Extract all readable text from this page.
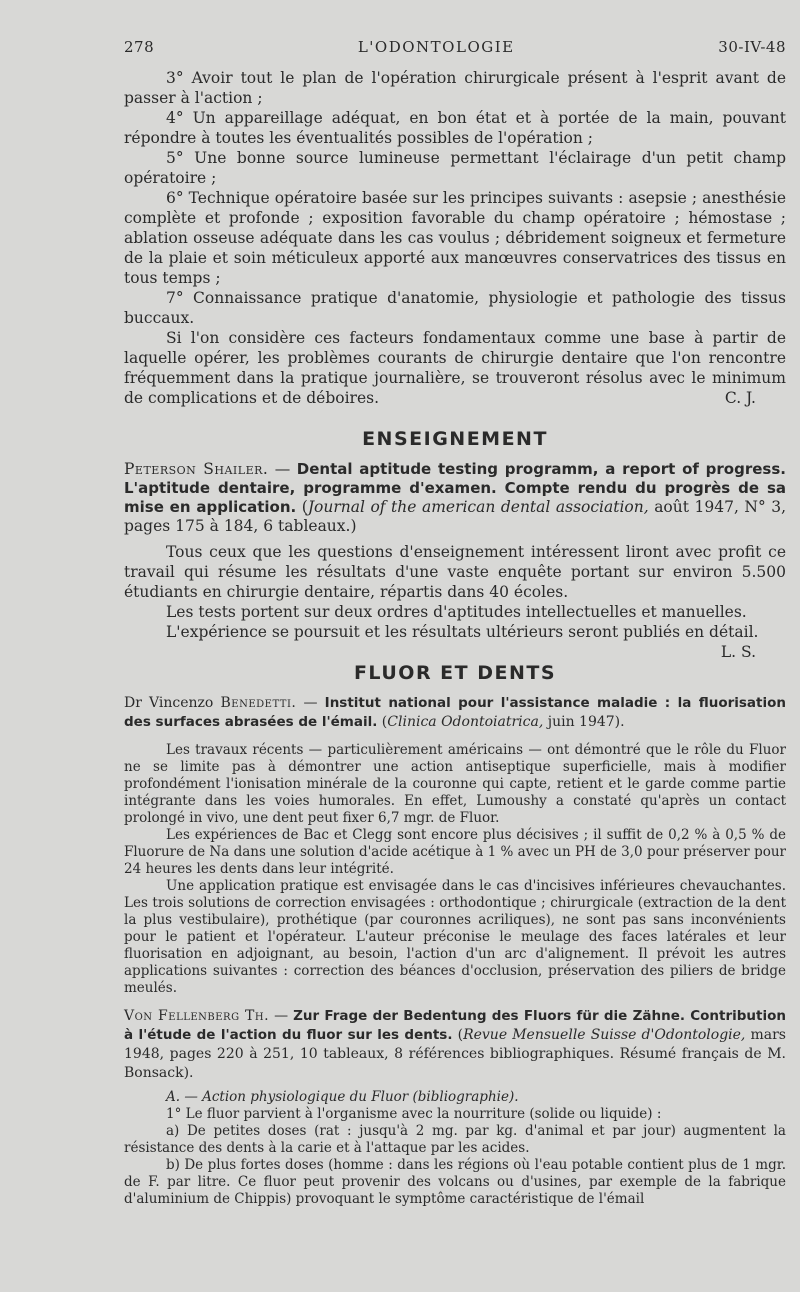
278	L'ODONTOLOGIE	30-IV-48

3° Avoir tout le plan de l'opération chirurgicale présent à l'esprit avant de passer à l'action ;

4° Un appareillage adéquat, en bon état et à portée de la main, pouvant répondre à toutes les éventualités possibles de l'opération ;

5° Une bonne source lumineuse permettant l'éclairage d'un petit champ opératoire ;

6° Technique opératoire basée sur les principes suivants : asepsie ; anesthésie complète et profonde ; exposition favorable du champ opératoire ; hémostase ; ablation osseuse adéquate dans les cas voulus ; débridement soigneux et fermeture de la plaie et soin méticuleux apporté aux manœuvres conservatrices des tissus en tous temps ;

7° Connaissance pratique d'anatomie, physiologie et pathologie des tissus buccaux.

Si l'on considère ces facteurs fondamentaux comme une base à partir de laquelle opérer, les problèmes courants de chirurgie dentaire que l'on rencontre fréquemment dans la pratique journalière, se trouveront résolus avec le minimum de complications et de déboires.	C. J.

ENSEIGNEMENT

Peterson Shailer. — Dental aptitude testing programm, a report of progress. L'aptitude dentaire, programme d'examen. Compte rendu du progrès de sa mise en application. (Journal of the american dental association, août 1947, N° 3, pages 175 à 184, 6 tableaux.)

Tous ceux que les questions d'enseignement intéressent liront avec profit ce travail qui résume les résultats d'une vaste enquête portant sur environ 5.500 étudiants en chirurgie dentaire, répartis dans 40 écoles.

Les tests portent sur deux ordres d'aptitudes intellectuelles et manuelles.

L'expérience se poursuit et les résultats ultérieurs seront publiés en détail.
L. S.

FLUOR ET DENTS

Dr Vincenzo Benedetti. — Institut national pour l'assistance maladie : la fluorisation des surfaces abrasées de l'émail. (Clinica Odontoiatrica, juin 1947).

Les travaux récents — particulièrement américains — ont démontré que le rôle du Fluor ne se limite pas à démontrer une action antiseptique superficielle, mais à modifier profondément l'ionisation minérale de la couronne qui capte, retient et le garde comme partie intégrante dans les voies humorales. En effet, Lumoushy a constaté qu'après un contact prolongé in vivo, une dent peut fixer 6,7 mgr. de Fluor.

Les expériences de Bac et Clegg sont encore plus décisives ; il suffit de 0,2 % à 0,5 % de Fluorure de Na dans une solution d'acide acétique à 1 % avec un PH de 3,0 pour préserver pour 24 heures les dents dans leur intégrité.

Une application pratique est envisagée dans le cas d'incisives inférieures chevauchantes. Les trois solutions de correction envisagées : orthodontique ; chirurgicale (extraction de la dent la plus vestibulaire), prothétique (par couronnes acriliques), ne sont pas sans inconvénients pour le patient et l'opérateur. L'auteur préconise le meulage des faces latérales et leur fluorisation en adjoignant, au besoin, l'action d'un arc d'alignement. Il prévoit les autres applications suivantes : correction des béances d'occlusion, préservation des piliers de bridge meulés.

Von Fellenberg Th. — Zur Frage der Bedentung des Fluors für die Zähne. Contribution à l'étude de l'action du fluor sur les dents. (Revue Mensuelle Suisse d'Odontologie, mars 1948, pages 220 à 251, 10 tableaux, 8 références bibliographiques. Résumé français de M. Bonsack).

A. — Action physiologique du Fluor (bibliographie).

1° Le fluor parvient à l'organisme avec la nourriture (solide ou liquide) :

a) De petites doses (rat : jusqu'à 2 mg. par kg. d'animal et par jour) augmentent la résistance des dents à la carie et à l'attaque par les acides.

b) De plus fortes doses (homme : dans les régions où l'eau potable contient plus de 1 mgr. de F. par litre. Ce fluor peut provenir des volcans ou d'usines, par exemple de la fabrique d'aluminium de Chippis) provoquant le symptôme caractéristique de l'émail
